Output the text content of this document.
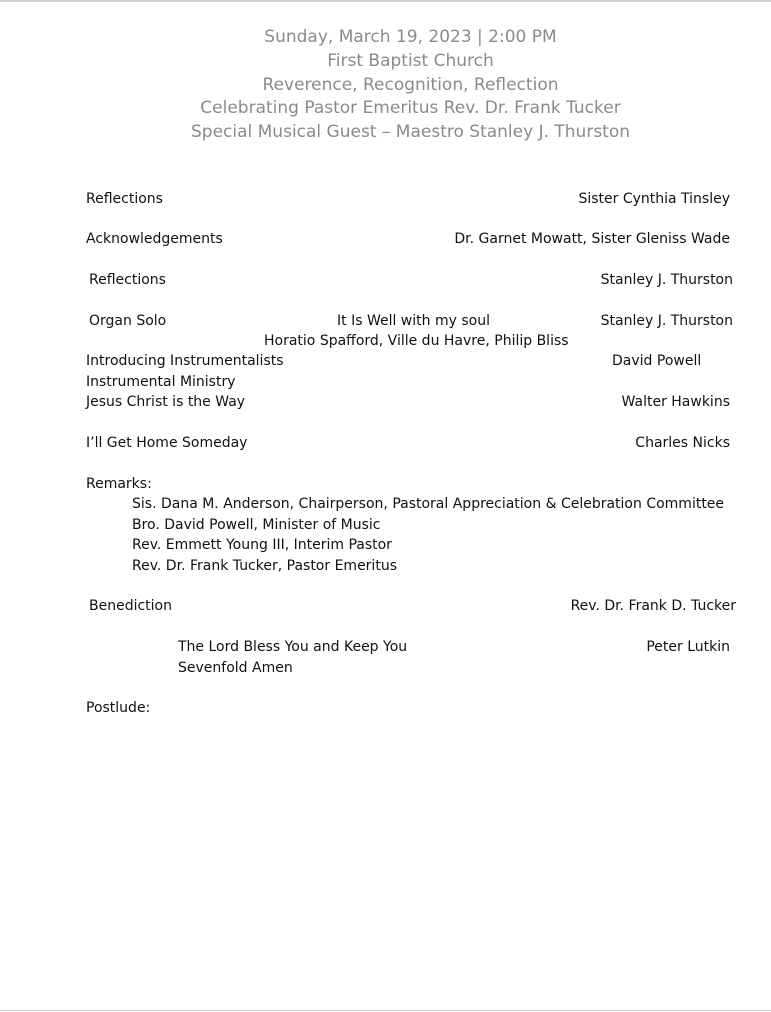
Sunday, March 19, 2023 | 2:00 PM
First Baptist Church
Reverence, Recognition, Reflection
Celebrating Pastor Emeritus Rev. Dr. Frank Tucker
Special Musical Guest – Maestro Stanley J. Thurston
Reflections	Sister Cynthia Tinsley
Acknowledgements	Dr. Garnet Mowatt, Sister Gleniss Wade
Reflections	Stanley J. Thurston
Organ Solo	It Is Well with my soul	Stanley J. Thurston
Horatio Spafford, Ville du Havre, Philip Bliss
Introducing Instrumentalists	David Powell
Instrumental Ministry
Jesus Christ is the Way	Walter Hawkins
I’ll Get Home Someday	Charles Nicks
Remarks:
Sis. Dana M. Anderson, Chairperson, Pastoral Appreciation & Celebration Committee
Bro. David Powell, Minister of Music
Rev. Emmett Young III, Interim Pastor
Rev. Dr. Frank Tucker, Pastor Emeritus
Benediction	Rev. Dr. Frank D. Tucker
The Lord Bless You and Keep You	Peter Lutkin
Sevenfold Amen
Postlude:
